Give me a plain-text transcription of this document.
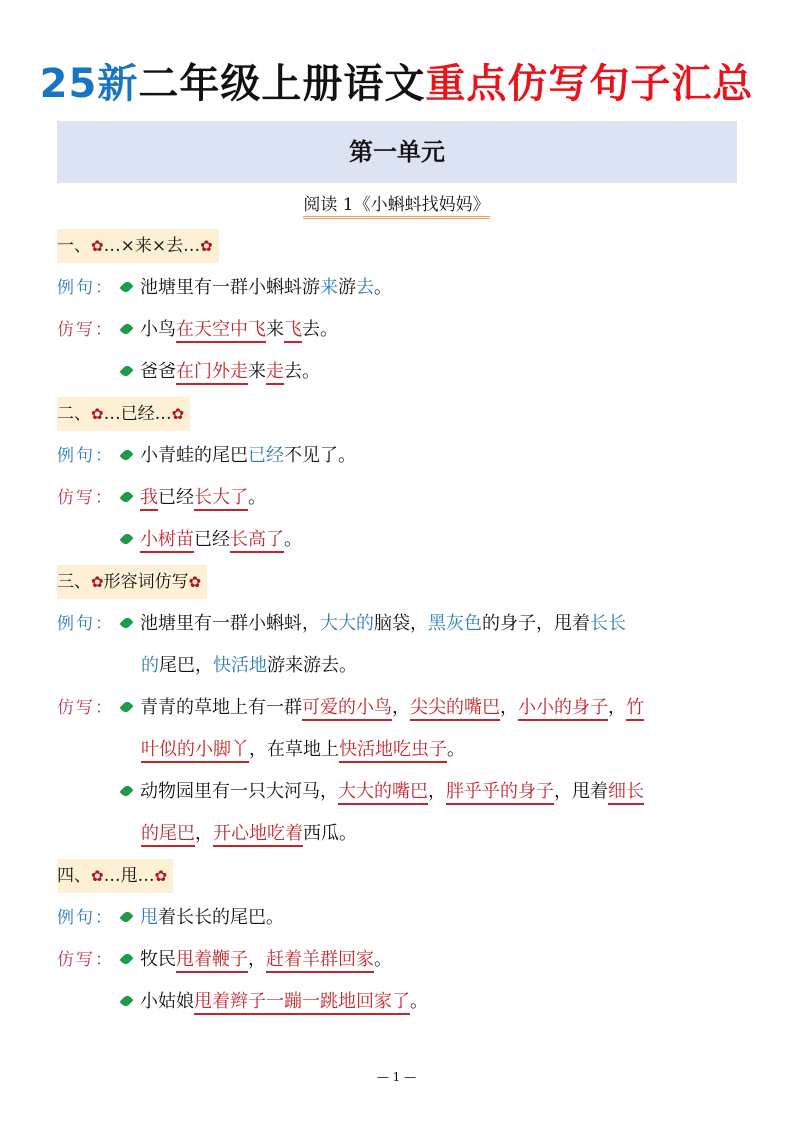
25新二年级上册语文重点仿写句子汇总
第一单元
阅读 1《小蝌蚪找妈妈》
一、✿…×来×去…✿
例句：	池塘里有一群小蝌蚪游来游去。
仿写：	小鸟在天空中飞来飞去。
爸爸在门外走来走去。
二、✿…已经…✿
例句：	小青蛙的尾巴已经不见了。
仿写：	我已经长大了。
小树苗已经长高了。
三、✿形容词仿写✿
例句：	池塘里有一群小蝌蚪，大大的脑袋，黑灰色的身子，甩着长长
的尾巴，快活地游来游去。
仿写：	青青的草地上有一群可爱的小鸟，尖尖的嘴巴，小小的身子，竹
叶似的小脚丫，在草地上快活地吃虫子。
动物园里有一只大河马，大大的嘴巴，胖乎乎的身子，甩着细长
的尾巴，开心地吃着西瓜。
四、✿…甩…✿
例句：	甩着长长的尾巴。
仿写：	牧民甩着鞭子，赶着羊群回家。
小姑娘甩着辫子一蹦一跳地回家了。
— 1 —
